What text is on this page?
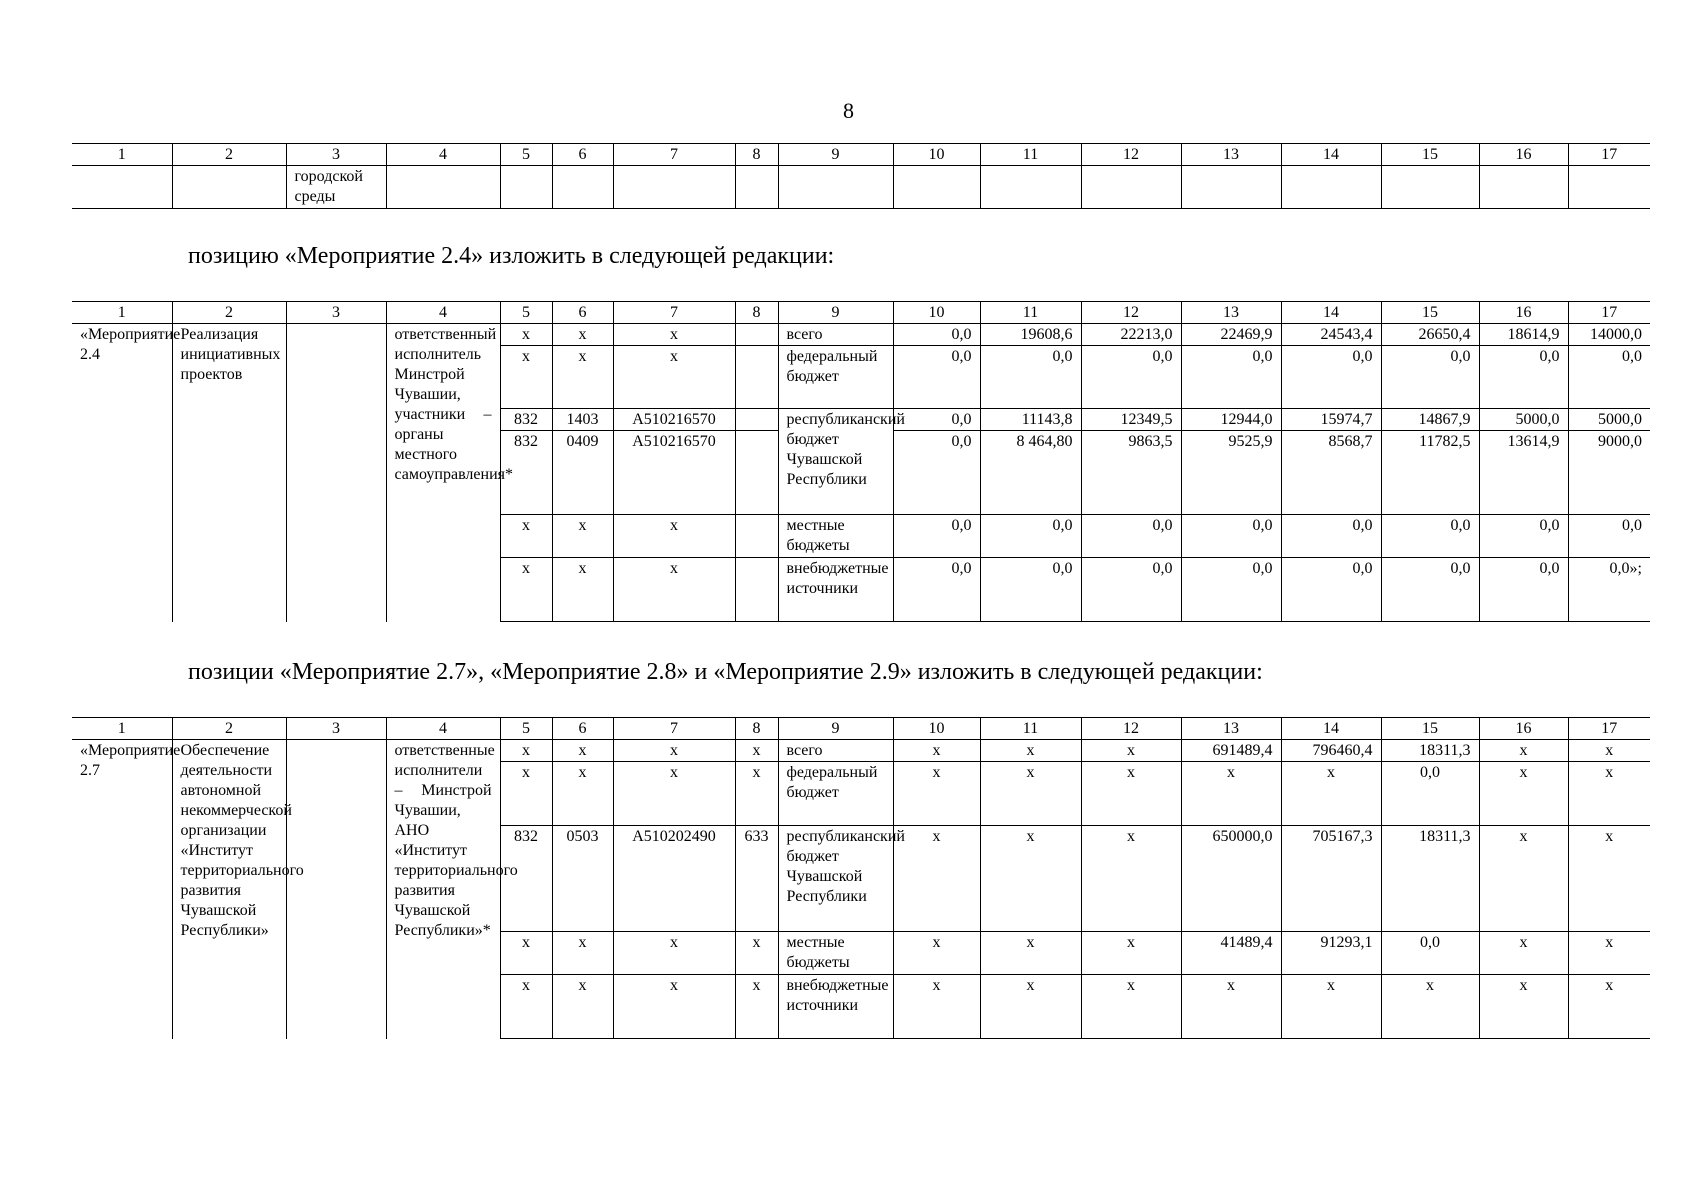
8
1	2	3	4	5	6	7	8	9	10	11	12	13	14	15	16	17
		городской среды														
позицию «Мероприятие 2.4» изложить в следующей редакции:
1	2	3	4	5	6	7	8	9	10	11	12	13	14	15	16	17
«Мероприятие 2.4	Реализация инициативных проектов		ответственный исполнитель Минстрой Чувашии, участники – органы местного самоуправления*	х	х	х		всего	0,0	19608,6	22213,0	22469,9	24543,4	26650,4	18614,9	14000,0
				х	х	х		федеральный бюджет	0,0	0,0	0,0	0,0	0,0	0,0	0,0	0,0
				832	1403	А510216570		республиканский бюджет Чувашской Республики	0,0	11143,8	12349,5	12944,0	15974,7	14867,9	5000,0	5000,0
				832	0409	А510216570			0,0	8 464,80	9863,5	9525,9	8568,7	11782,5	13614,9	9000,0
				х	х	х		местные бюджеты	0,0	0,0	0,0	0,0	0,0	0,0	0,0	0,0
				х	х	х		внебюджетные источники	0,0	0,0	0,0	0,0	0,0	0,0	0,0	0,0»;
позиции «Мероприятие 2.7», «Мероприятие 2.8» и «Мероприятие 2.9» изложить в следующей редакции:
1	2	3	4	5	6	7	8	9	10	11	12	13	14	15	16	17
«Мероприятие 2.7	Обеспечение деятельности автономной некоммерческой организации «Институт территориального развития Чувашской Республики»		ответственные исполнители – Минстрой Чувашии, АНО «Институт территориального развития Чувашской Республики»*	х	х	х	х	всего	х	х	х	691489,4	796460,4	18311,3	х	х
				х	х	х	х	федеральный бюджет	х	х	х	х	х	0,0	х	х
				832	0503	А510202490	633	республиканский бюджет Чувашской Республики	х	х	х	650000,0	705167,3	18311,3	х	х
				х	х	х	х	местные бюджеты	х	х	х	41489,4	91293,1	0,0	х	х
				х	х	х	х	внебюджетные источники	х	х	х	х	х	х	х	х
